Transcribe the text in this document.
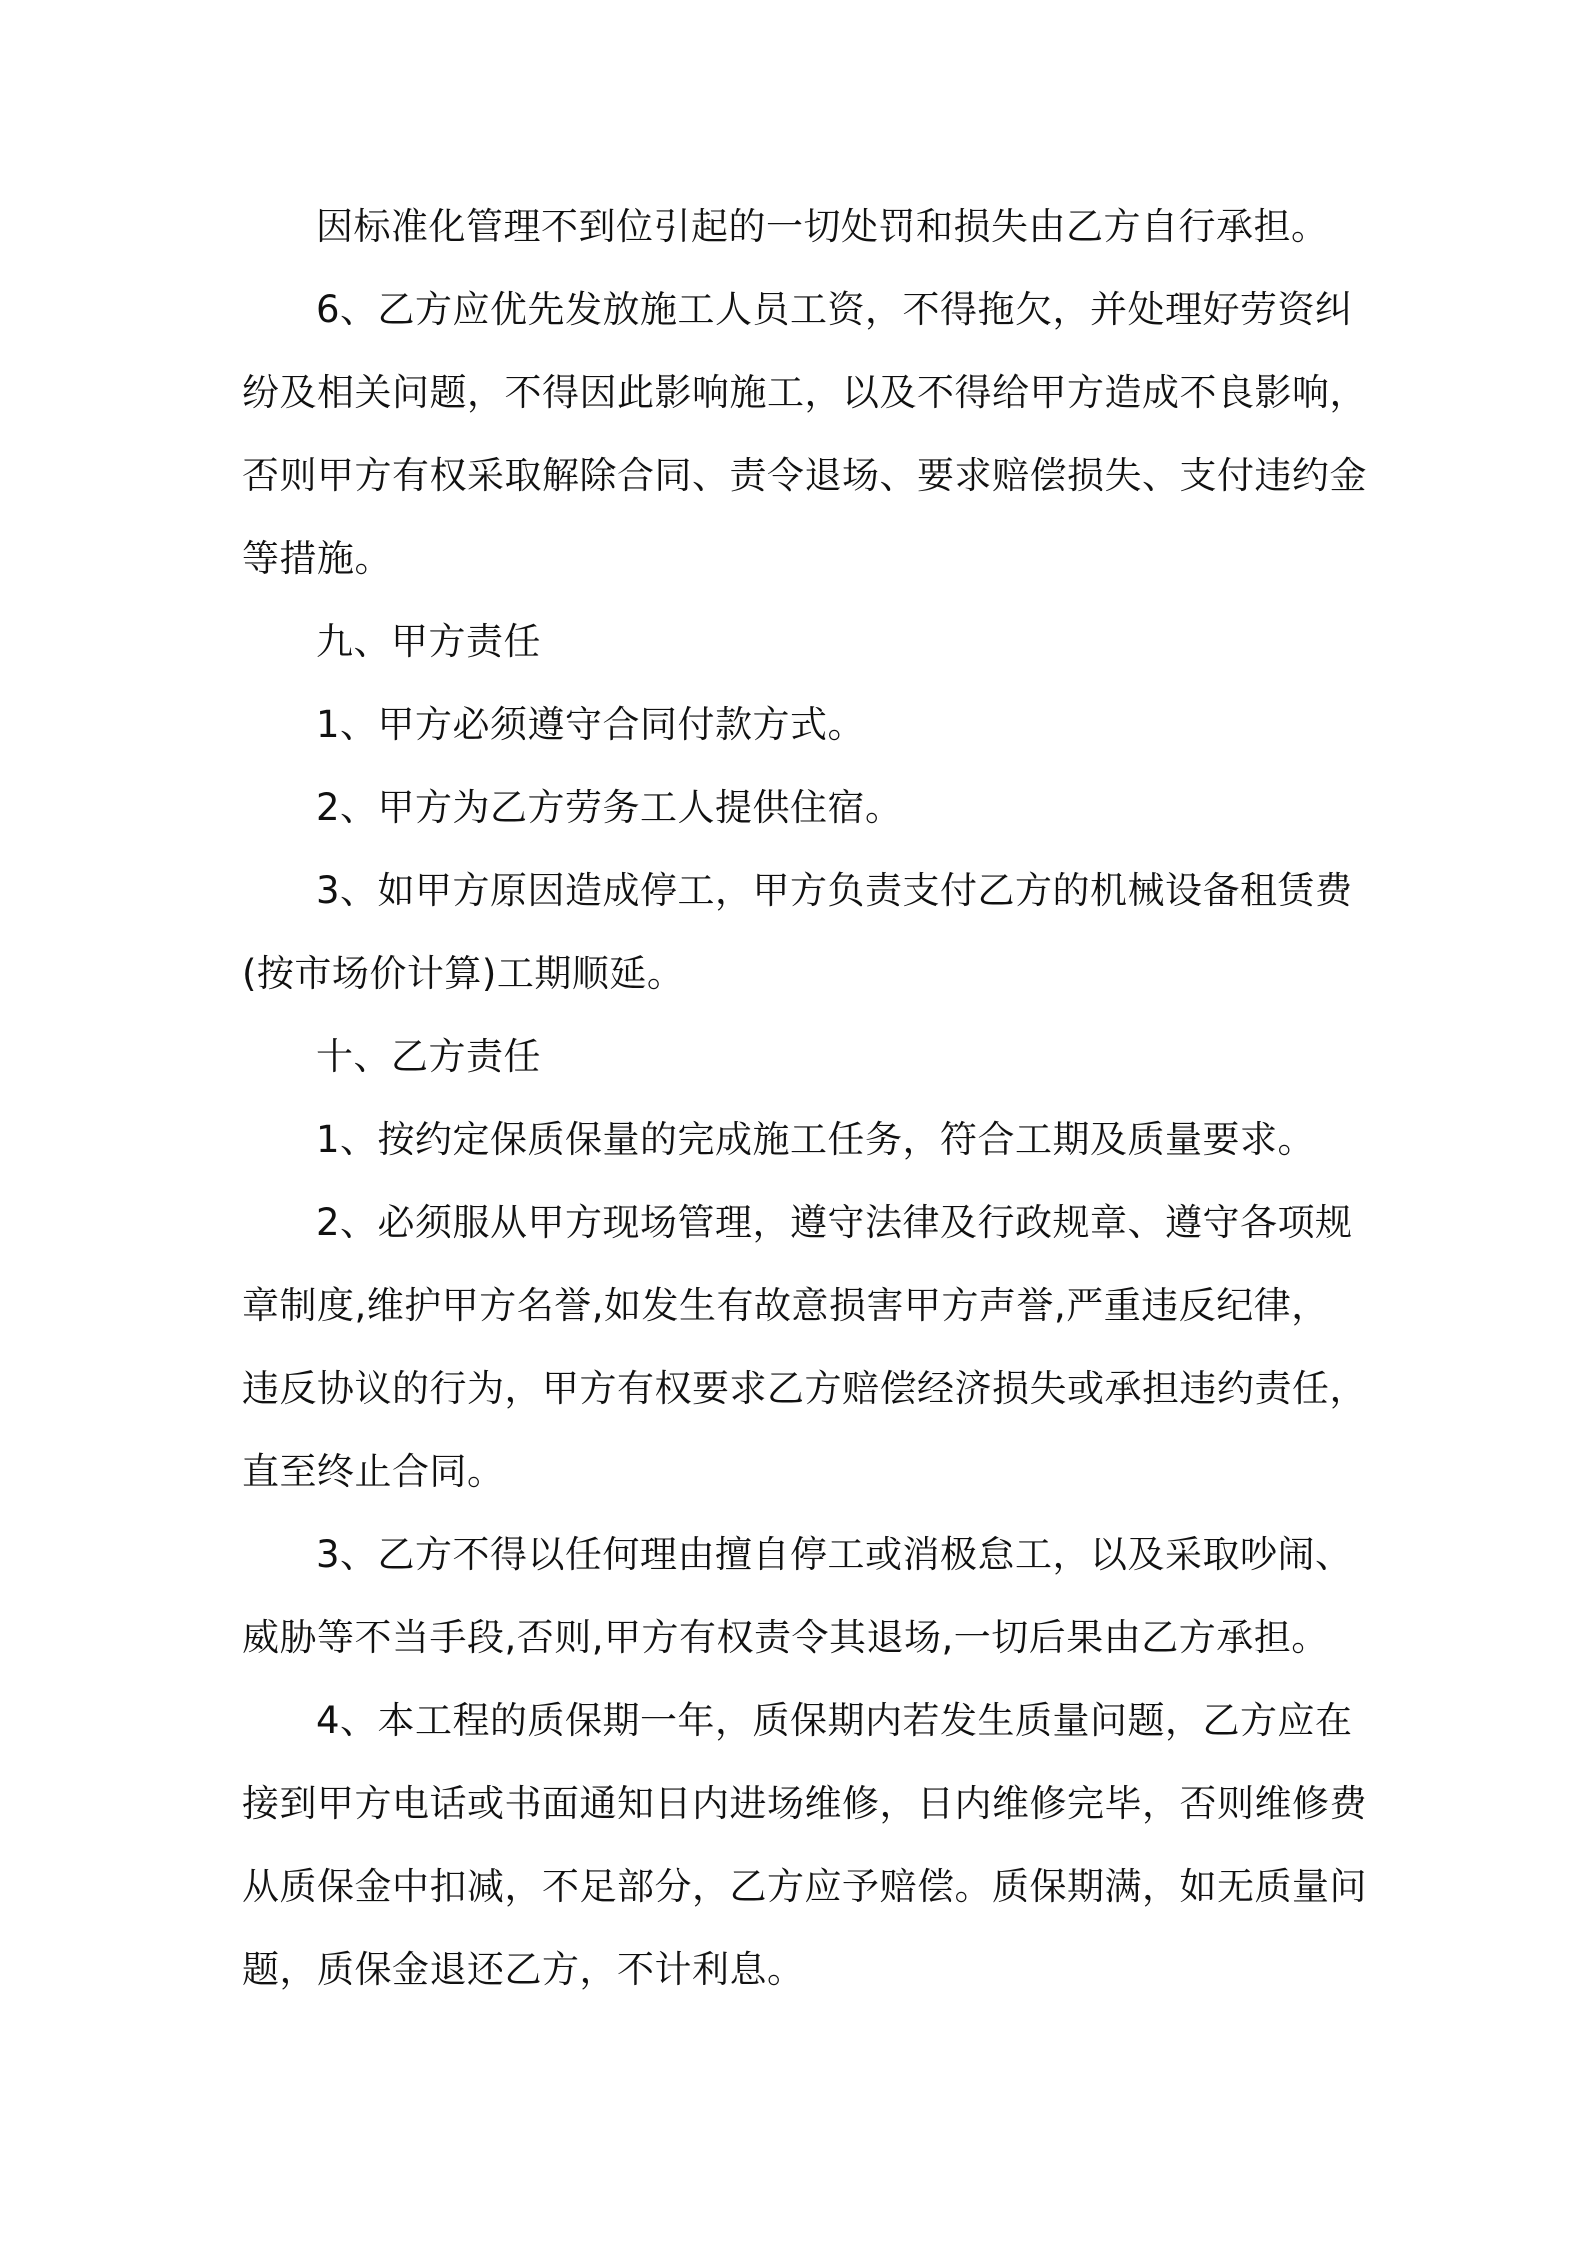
因标准化管理不到位引起的一切处罚和损失由乙方自行承担。
6、乙方应优先发放施工人员工资，不得拖欠，并处理好劳资纠
纷及相关问题，不得因此影响施工，以及不得给甲方造成不良影响，
否则甲方有权采取解除合同、责令退场、要求赔偿损失、支付违约金
等措施。
九、甲方责任
1、甲方必须遵守合同付款方式。
2、甲方为乙方劳务工人提供住宿。
3、如甲方原因造成停工，甲方负责支付乙方的机械设备租赁费
(按市场价计算)工期顺延。
十、乙方责任
1、按约定保质保量的完成施工任务，符合工期及质量要求。
2、必须服从甲方现场管理，遵守法律及行政规章、遵守各项规
章制度,维护甲方名誉,如发生有故意损害甲方声誉,严重违反纪律，
违反协议的行为，甲方有权要求乙方赔偿经济损失或承担违约责任，
直至终止合同。
3、乙方不得以任何理由擅自停工或消极怠工，以及采取吵闹、
威胁等不当手段,否则,甲方有权责令其退场,一切后果由乙方承担。
4、本工程的质保期一年，质保期内若发生质量问题，乙方应在
接到甲方电话或书面通知日内进场维修，日内维修完毕，否则维修费
从质保金中扣减，不足部分，乙方应予赔偿。质保期满，如无质量问
题，质保金退还乙方，不计利息。
